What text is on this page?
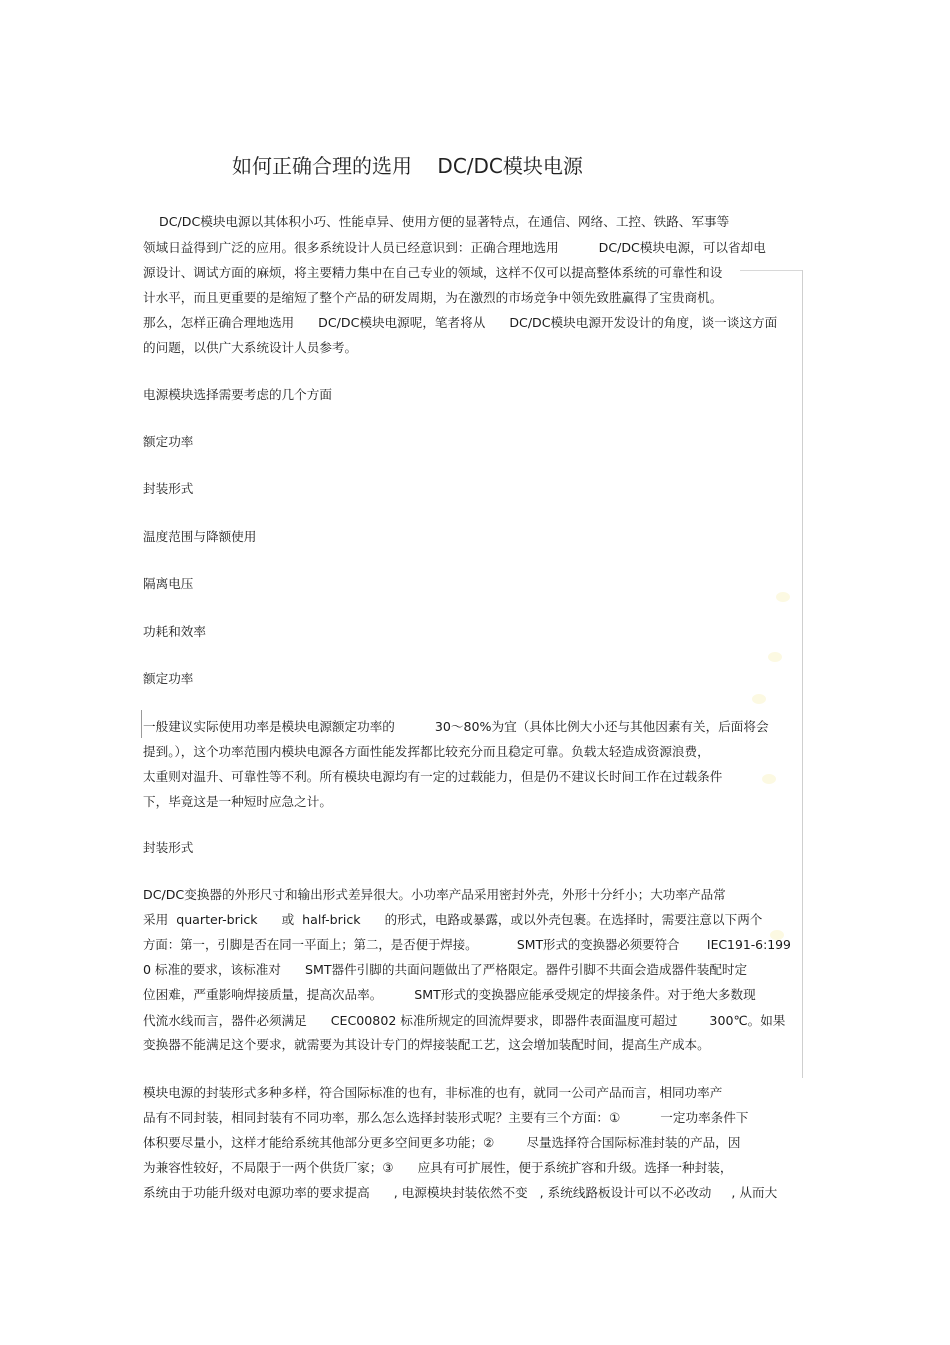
如何正确合理的选用    DC/DC模块电源
DC/DC模块电源以其体积小巧、性能卓异、使用方便的显著特点，在通信、网络、工控、铁路、军事等
领域日益得到广泛的应用。很多系统设计人员已经意识到：正确合理地选用          DC/DC模块电源，可以省却电
源设计、调试方面的麻烦，将主要精力集中在自己专业的领域，这样不仅可以提高整体系统的可靠性和设
计水平，而且更重要的是缩短了整个产品的研发周期，为在激烈的市场竞争中领先致胜赢得了宝贵商机。
那么，怎样正确合理地选用      DC/DC模块电源呢，笔者将从      DC/DC模块电源开发设计的角度，谈一谈这方面
的问题，以供广大系统设计人员参考。
电源模块选择需要考虑的几个方面
额定功率
封装形式
温度范围与降额使用
隔离电压
功耗和效率
额定功率
一般建议实际使用功率是模块电源额定功率的          30～80%为宜（具体比例大小还与其他因素有关，后面将会
提到。），这个功率范围内模块电源各方面性能发挥都比较充分而且稳定可靠。负载太轻造成资源浪费，
太重则对温升、可靠性等不利。所有模块电源均有一定的过载能力，但是仍不建议长时间工作在过载条件
下，毕竟这是一种短时应急之计。
封装形式
DC/DC变换器的外形尺寸和输出形式差异很大。小功率产品采用密封外壳，外形十分纤小；大功率产品常
采用  quarter-brick      或  half-brick      的形式，电路或暴露，或以外壳包裹。在选择时，需要注意以下两个
方面：第一，引脚是否在同一平面上；第二，是否便于焊接。          SMT形式的变换器必须要符合       IEC191-6:199
0 标准的要求，该标准对      SMT器件引脚的共面问题做出了严格限定。器件引脚不共面会造成器件装配时定
位困难，严重影响焊接质量，提高次品率。        SMT形式的变换器应能承受规定的焊接条件。对于绝大多数现
代流水线而言，器件必须满足      CEC00802 标准所规定的回流焊要求，即器件表面温度可超过        300℃。如果
变换器不能满足这个要求，就需要为其设计专门的焊接装配工艺，这会增加装配时间，提高生产成本。
模块电源的封装形式多种多样，符合国际标准的也有，非标准的也有，就同一公司产品而言，相同功率产
品有不同封装，相同封装有不同功率，那么怎么选择封装形式呢？主要有三个方面：①          一定功率条件下
体积要尽量小，这样才能给系统其他部分更多空间更多功能；②        尽量选择符合国际标准封装的产品，因
为兼容性较好，不局限于一两个供货厂家；③      应具有可扩展性，便于系统扩容和升级。选择一种封装，
系统由于功能升级对电源功率的要求提高      , 电源模块封装依然不变   , 系统线路板设计可以不必改动     , 从而大
